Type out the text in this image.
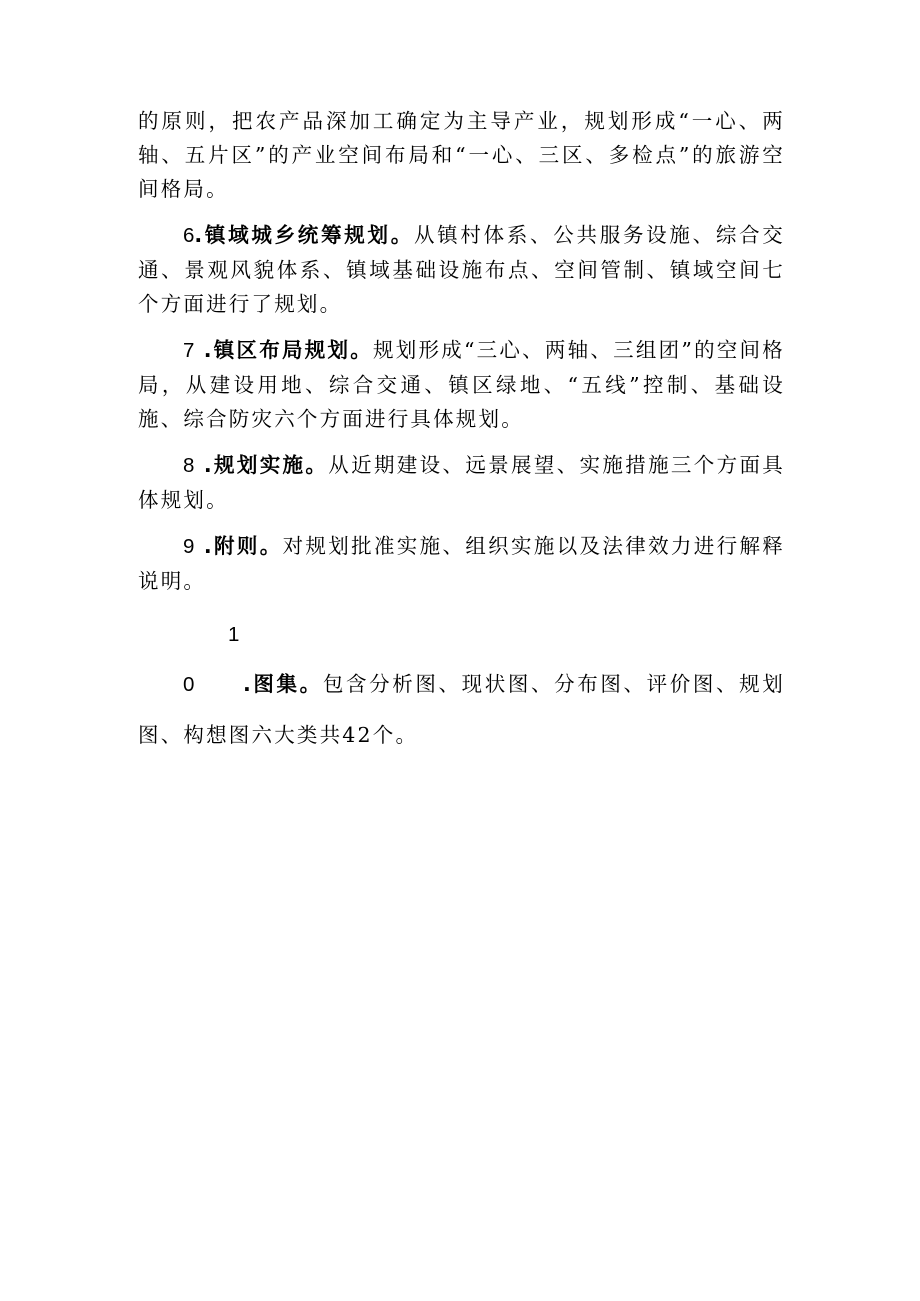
的原则，把农产品深加工确定为主导产业，规划形成“一心、两轴、五片区”的产业空间布局和“一心、三区、多检点”的旅游空间格局。

6.镇域城乡统筹规划。从镇村体系、公共服务设施、综合交通、景观风貌体系、镇域基础设施布点、空间管制、镇域空间七个方面进行了规划。

7 .镇区布局规划。规划形成“三心、两轴、三组团”的空间格局，从建设用地、综合交通、镇区绿地、“五线”控制、基础设施、综合防灾六个方面进行具体规划。

8 .规划实施。从近期建设、远景展望、实施措施三个方面具体规划。

9 .附则。对规划批准实施、组织实施以及法律效力进行解释说明。

10 .图集。包含分析图、现状图、分布图、评价图、规划图、构想图六大类共42个。
